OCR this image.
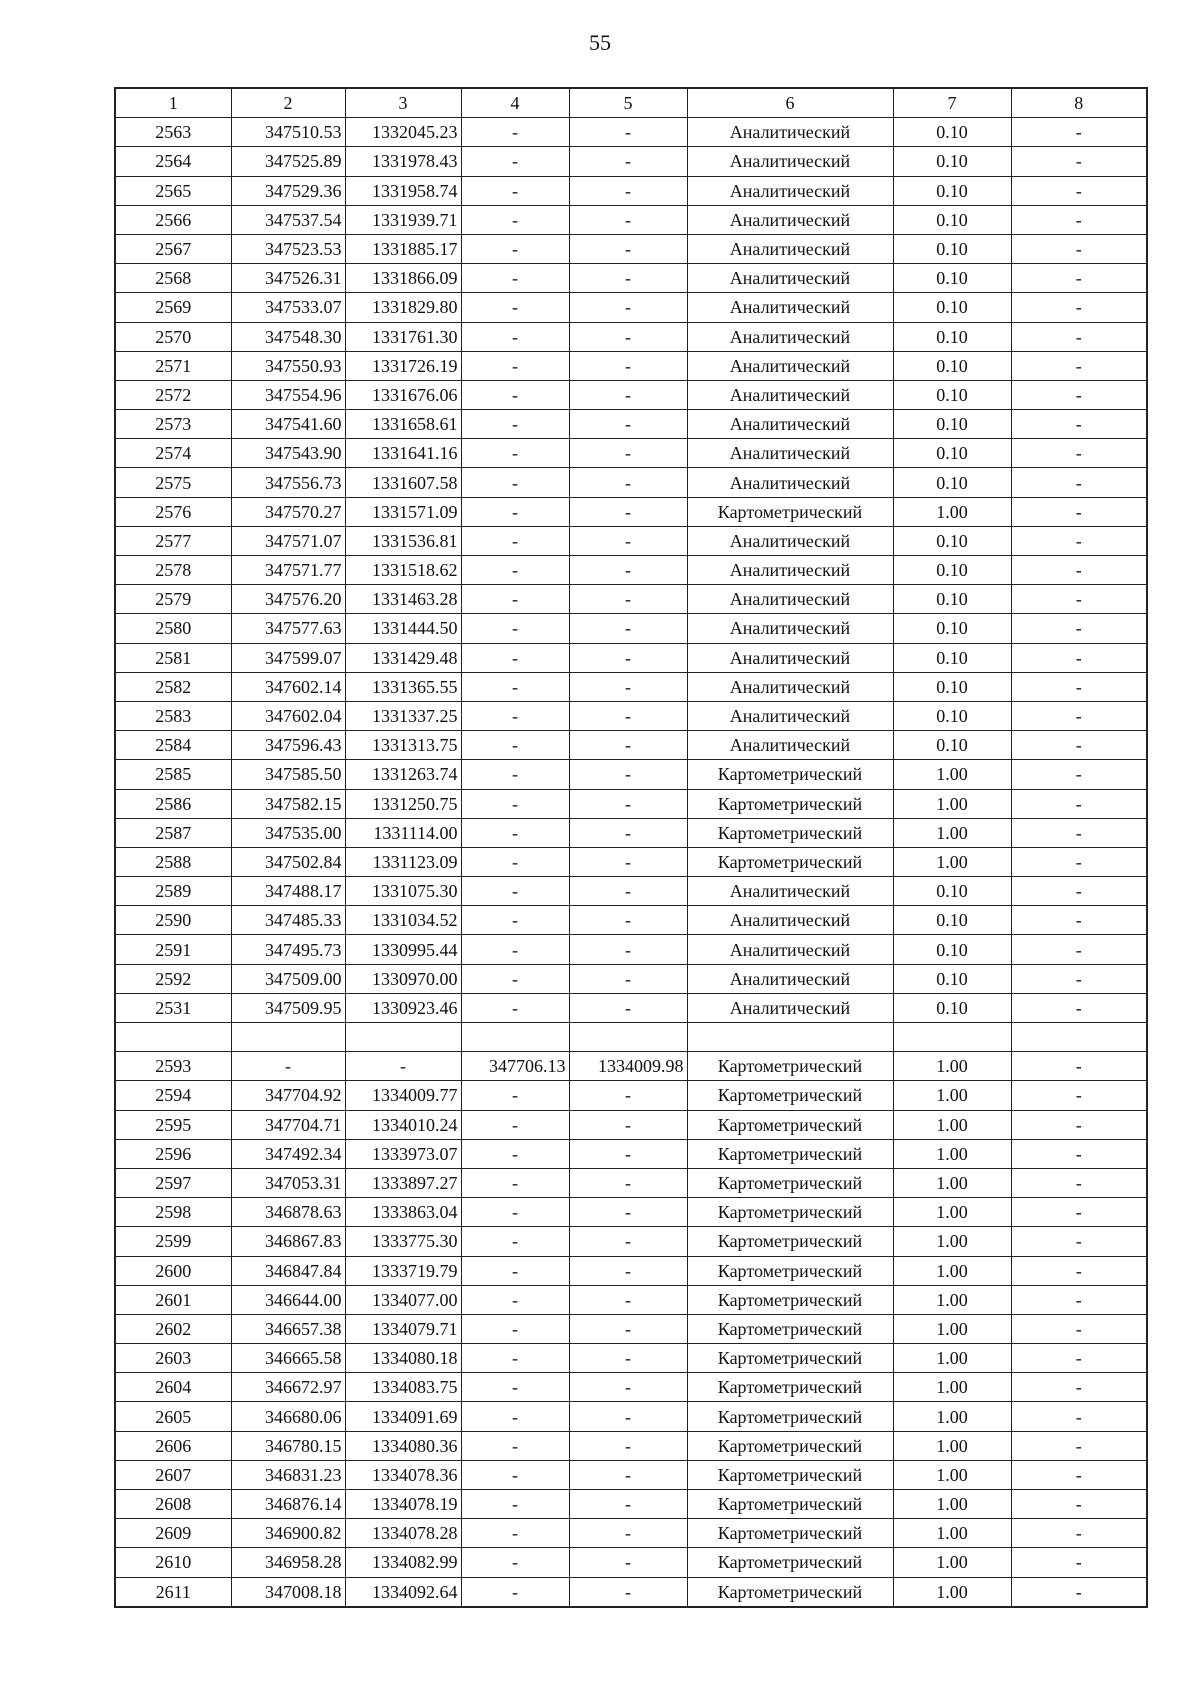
55
1	2	3	4	5	6	7	8
2563	347510.53	1332045.23	-	-	Аналитический	0.10	-
2564	347525.89	1331978.43	-	-	Аналитический	0.10	-
2565	347529.36	1331958.74	-	-	Аналитический	0.10	-
2566	347537.54	1331939.71	-	-	Аналитический	0.10	-
2567	347523.53	1331885.17	-	-	Аналитический	0.10	-
2568	347526.31	1331866.09	-	-	Аналитический	0.10	-
2569	347533.07	1331829.80	-	-	Аналитический	0.10	-
2570	347548.30	1331761.30	-	-	Аналитический	0.10	-
2571	347550.93	1331726.19	-	-	Аналитический	0.10	-
2572	347554.96	1331676.06	-	-	Аналитический	0.10	-
2573	347541.60	1331658.61	-	-	Аналитический	0.10	-
2574	347543.90	1331641.16	-	-	Аналитический	0.10	-
2575	347556.73	1331607.58	-	-	Аналитический	0.10	-
2576	347570.27	1331571.09	-	-	Картометрический	1.00	-
2577	347571.07	1331536.81	-	-	Аналитический	0.10	-
2578	347571.77	1331518.62	-	-	Аналитический	0.10	-
2579	347576.20	1331463.28	-	-	Аналитический	0.10	-
2580	347577.63	1331444.50	-	-	Аналитический	0.10	-
2581	347599.07	1331429.48	-	-	Аналитический	0.10	-
2582	347602.14	1331365.55	-	-	Аналитический	0.10	-
2583	347602.04	1331337.25	-	-	Аналитический	0.10	-
2584	347596.43	1331313.75	-	-	Аналитический	0.10	-
2585	347585.50	1331263.74	-	-	Картометрический	1.00	-
2586	347582.15	1331250.75	-	-	Картометрический	1.00	-
2587	347535.00	1331114.00	-	-	Картометрический	1.00	-
2588	347502.84	1331123.09	-	-	Картометрический	1.00	-
2589	347488.17	1331075.30	-	-	Аналитический	0.10	-
2590	347485.33	1331034.52	-	-	Аналитический	0.10	-
2591	347495.73	1330995.44	-	-	Аналитический	0.10	-
2592	347509.00	1330970.00	-	-	Аналитический	0.10	-
2531	347509.95	1330923.46	-	-	Аналитический	0.10	-

2593	-	-	347706.13	1334009.98	Картометрический	1.00	-
2594	347704.92	1334009.77	-	-	Картометрический	1.00	-
2595	347704.71	1334010.24	-	-	Картометрический	1.00	-
2596	347492.34	1333973.07	-	-	Картометрический	1.00	-
2597	347053.31	1333897.27	-	-	Картометрический	1.00	-
2598	346878.63	1333863.04	-	-	Картометрический	1.00	-
2599	346867.83	1333775.30	-	-	Картометрический	1.00	-
2600	346847.84	1333719.79	-	-	Картометрический	1.00	-
2601	346644.00	1334077.00	-	-	Картометрический	1.00	-
2602	346657.38	1334079.71	-	-	Картометрический	1.00	-
2603	346665.58	1334080.18	-	-	Картометрический	1.00	-
2604	346672.97	1334083.75	-	-	Картометрический	1.00	-
2605	346680.06	1334091.69	-	-	Картометрический	1.00	-
2606	346780.15	1334080.36	-	-	Картометрический	1.00	-
2607	346831.23	1334078.36	-	-	Картометрический	1.00	-
2608	346876.14	1334078.19	-	-	Картометрический	1.00	-
2609	346900.82	1334078.28	-	-	Картометрический	1.00	-
2610	346958.28	1334082.99	-	-	Картометрический	1.00	-
2611	347008.18	1334092.64	-	-	Картометрический	1.00	-
